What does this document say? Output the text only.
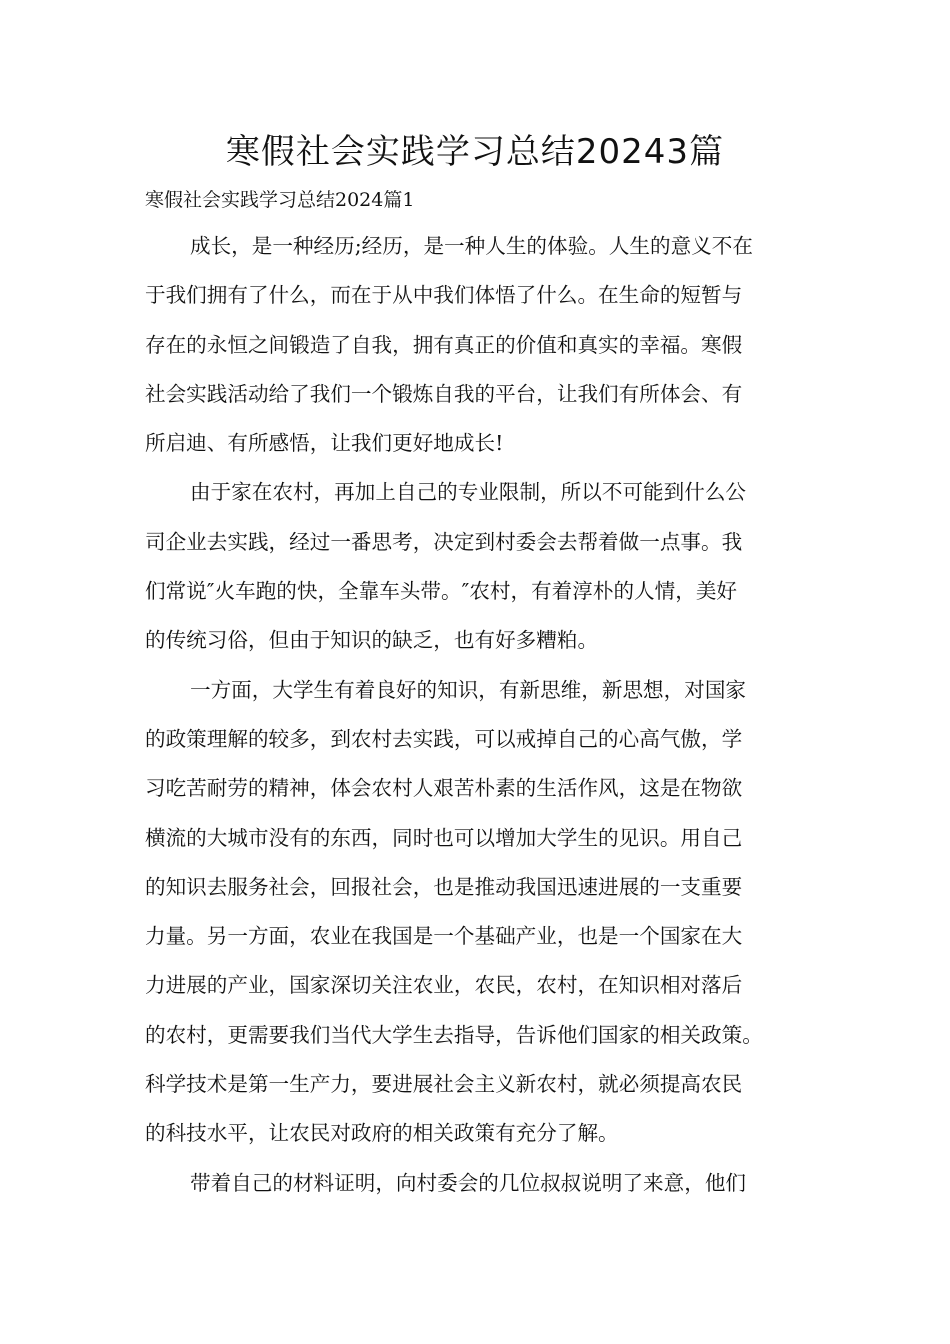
寒假社会实践学习总结20243篇
寒假社会实践学习总结2024篇1
成长，是一种经历;经历，是一种人生的体验。人生的意义不在
于我们拥有了什么，而在于从中我们体悟了什么。在生命的短暂与
存在的永恒之间锻造了自我，拥有真正的价值和真实的幸福。寒假
社会实践活动给了我们一个锻炼自我的平台，让我们有所体会、有
所启迪、有所感悟，让我们更好地成长!
由于家在农村，再加上自己的专业限制，所以不可能到什么公
司企业去实践，经过一番思考，决定到村委会去帮着做一点事。我
们常说″火车跑的快，全靠车头带。″农村，有着淳朴的人情，美好
的传统习俗，但由于知识的缺乏，也有好多糟粕。
一方面，大学生有着良好的知识，有新思维，新思想，对国家
的政策理解的较多，到农村去实践，可以戒掉自己的心高气傲，学
习吃苦耐劳的精神，体会农村人艰苦朴素的生活作风，这是在物欲
横流的大城市没有的东西，同时也可以增加大学生的见识。用自己
的知识去服务社会，回报社会，也是推动我国迅速进展的一支重要
力量。另一方面，农业在我国是一个基础产业，也是一个国家在大
力进展的产业，国家深切关注农业，农民，农村，在知识相对落后
的农村，更需要我们当代大学生去指导，告诉他们国家的相关政策。
科学技术是第一生产力，要进展社会主义新农村，就必须提高农民
的科技水平，让农民对政府的相关政策有充分了解。
带着自己的材料证明，向村委会的几位叔叔说明了来意，他们
